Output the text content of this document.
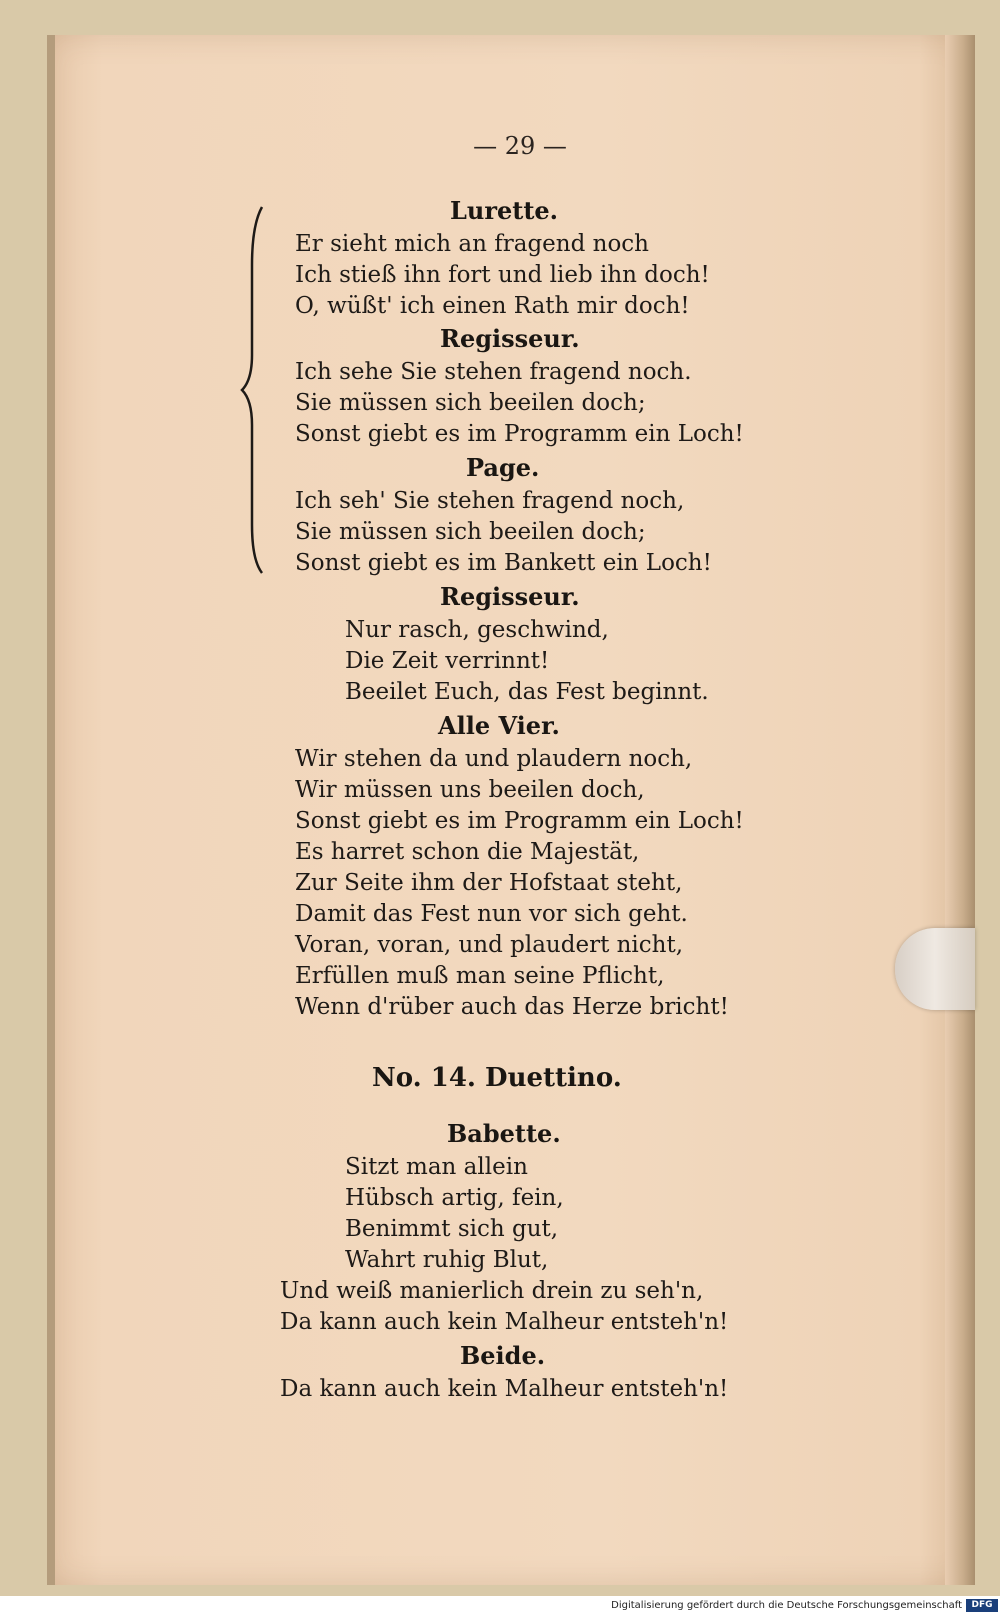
— 29 —
Lurette.
Er sieht mich an fragend noch
Ich stieß ihn fort und lieb ihn doch!
O, wüßt' ich einen Rath mir doch!
Regisseur.
Ich sehe Sie stehen fragend noch.
Sie müssen sich beeilen doch;
Sonst giebt es im Programm ein Loch!
Page.
Ich seh' Sie stehen fragend noch,
Sie müssen sich beeilen doch;
Sonst giebt es im Bankett ein Loch!
Regisseur.
Nur rasch, geschwind,
Die Zeit verrinnt!
Beeilet Euch, das Fest beginnt.
Alle Vier.
Wir stehen da und plaudern noch,
Wir müssen uns beeilen doch,
Sonst giebt es im Programm ein Loch!
Es harret schon die Majestät,
Zur Seite ihm der Hofstaat steht,
Damit das Fest nun vor sich geht.
Voran, voran, und plaudert nicht,
Erfüllen muß man seine Pflicht,
Wenn d'rüber auch das Herze bricht!
No. 14. Duettino.
Babette.
Sitzt man allein
Hübsch artig, fein,
Benimmt sich gut,
Wahrt ruhig Blut,
Und weiß manierlich drein zu seh'n,
Da kann auch kein Malheur entsteh'n!
Beide.
Da kann auch kein Malheur entsteh'n!
Digitalisierung gefördert durch die Deutsche Forschungsgemeinschaft	DFG
